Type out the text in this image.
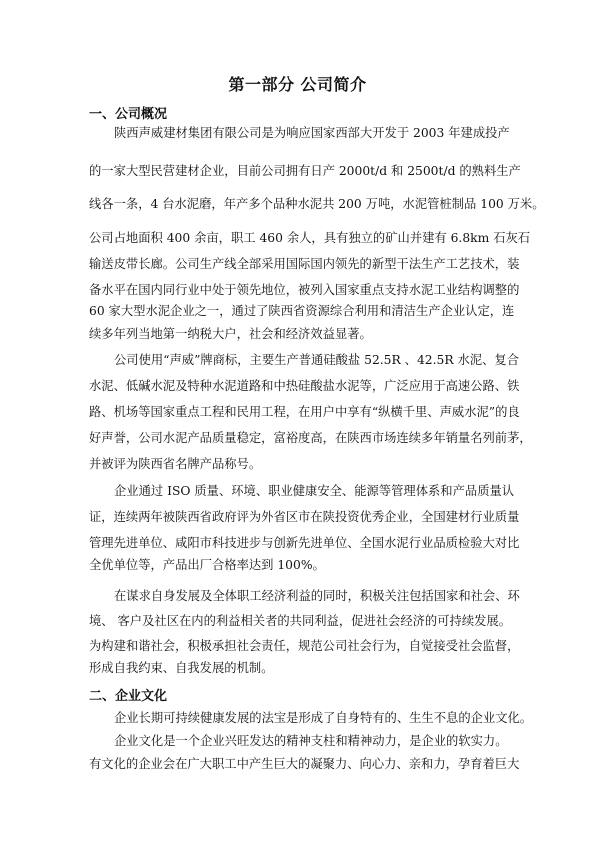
第一部分 公司简介
一、公司概况
陕西声威建材集团有限公司是为响应国家西部大开发于 2003 年建成投产
的一家大型民营建材企业，目前公司拥有日产 2000t/d 和 2500t/d 的熟料生产
线各一条，4 台水泥磨，年产多个品种水泥共 200 万吨，水泥管桩制品 100 万米。
公司占地面积 400 余亩，职工 460 余人，具有独立的矿山并建有 6.8km 石灰石
输送皮带长廊。公司生产线全部采用国际国内领先的新型干法生产工艺技术，装
备水平在国内同行业中处于领先地位，被列入国家重点支持水泥工业结构调整的
60 家大型水泥企业之一，通过了陕西省资源综合利用和清洁生产企业认定，连
续多年列当地第一纳税大户，社会和经济效益显著。
公司使用“声威”牌商标，主要生产普通硅酸盐 52.5R 、42.5R 水泥、复合
水泥、低碱水泥及特种水泥道路和中热硅酸盐水泥等，广泛应用于高速公路、铁
路、机场等国家重点工程和民用工程，在用户中享有“纵横千里、声威水泥”的良
好声誉，公司水泥产品质量稳定，富裕度高，在陕西市场连续多年销量名列前茅，
并被评为陕西省名牌产品称号。
企业通过 ISO 质量、环境、职业健康安全、能源等管理体系和产品质量认
证，连续两年被陕西省政府评为外省区市在陕投资优秀企业，全国建材行业质量
管理先进单位、咸阳市科技进步与创新先进单位、全国水泥行业品质检验大对比
全优单位等，产品出厂合格率达到 100%。
在谋求自身发展及全体职工经济利益的同时，积极关注包括国家和社会、环
境、 客户及社区在内的利益相关者的共同利益，促进社会经济的可持续发展。
为构建和谐社会，积极承担社会责任，规范公司社会行为，自觉接受社会监督，
形成自我约束、自我发展的机制。
二、企业文化
企业长期可持续健康发展的法宝是形成了自身特有的、生生不息的企业文化。
企业文化是一个企业兴旺发达的精神支柱和精神动力，是企业的软实力。
有文化的企业会在广大职工中产生巨大的凝聚力、向心力、亲和力，孕育着巨大
